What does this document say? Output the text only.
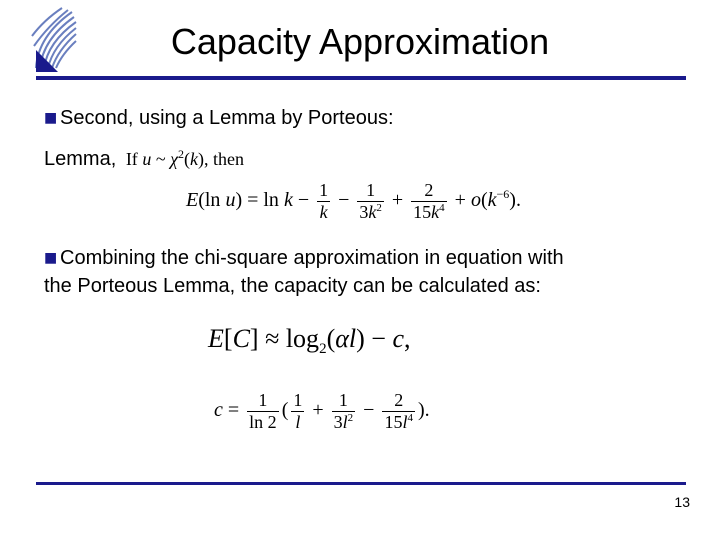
Capacity Approximation
■ Second, using a Lemma by Porteous:
Lemma, If u ~ $\chi^2(k)$, then
E(ln $u) = \ln k - \frac{1}{k} - \frac{1}{3k^2} + \frac{2}{15k^4} + o(k^{-6})$.
■ Combining the chi-square approximation in equation with
the Porteous Lemma, the capacity can be calculated as:
$E[C] \approx \log_2(\alpha l) - c$,
$c = \frac{1}{\ln 2}$ ( $\frac{1}{l} + \frac{1}{3l^2} - \frac{2}{15l^4}$ ).
13
